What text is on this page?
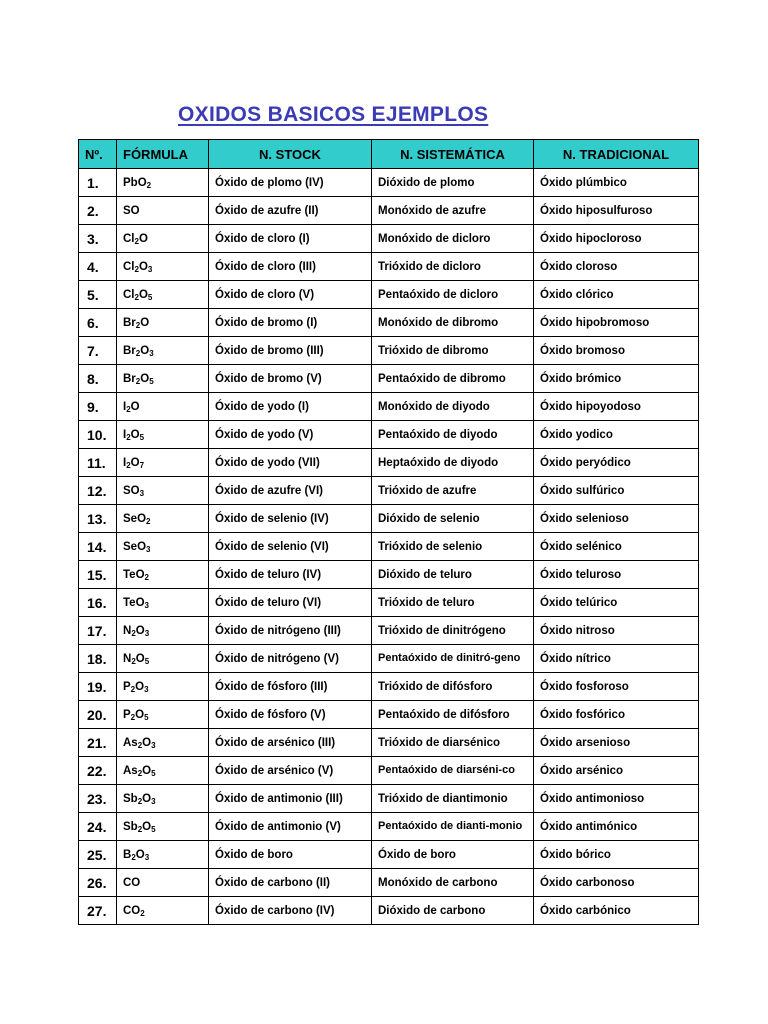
OXIDOS BASICOS EJEMPLOS
Nº.	FÓRMULA	N. STOCK	N. SISTEMÁTICA	N. TRADICIONAL
1.	PbO$_2$	Óxido de plomo (IV)	Dióxido de plomo	Óxido plúmbico
2.	SO	Óxido de azufre (II)	Monóxido de azufre	Óxido hiposulfuroso
3.	$Cl_2O$	Óxido de cloro (I)	Monóxido de dicloro	Óxido hipocloroso
4.	$Cl_2O_3$	Óxido de cloro (III)	Trióxido de dicloro	Óxido cloroso
5.	$Cl_2O_5$	Óxido de cloro (V)	Pentaóxido de dicloro	Óxido clórico
6.	$Br_2O$	Óxido de bromo (I)	Monóxido de dibromo	Óxido hipobromoso
7.	$Br_2O_3$	Óxido de bromo (III)	Trióxido de dibromo	Óxido bromoso
8.	$Br_2O_5$	Óxido de bromo (V)	Pentaóxido de dibromo	Óxido brómico
9.	$I_2O$	Óxido de yodo (I)	Monóxido de diyodo	Óxido hipoyodoso
10.	$I_2O_5$	Óxido de yodo (V)	Pentaóxido de diyodo	Óxido yodico
11.	$I_2O_7$	Óxido de yodo (VII)	Heptaóxido de diyodo	Óxido peryódico
12.	$SO_3$	Óxido de azufre (VI)	Trióxido de azufre	Óxido sulfúrico
13.	SeO$_2$	Óxido de selenio (IV)	Dióxido de selenio	Óxido selenioso
14.	SeO$_3$	Óxido de selenio (VI)	Trióxido de selenio	Óxido selénico
15.	TeO$_2$	Óxido de teluro (IV)	Dióxido de teluro	Óxido teluroso
16.	TeO$_3$	Óxido de teluro (VI)	Trióxido de teluro	Óxido telúrico
17.	$N_2O_3$	Óxido de nitrógeno (III)	Trióxido de dinitrógeno	Óxido nitroso
18.	$N_2O_5$	Óxido de nitrógeno (V)	Pentaóxido de dinitró-geno	Óxido nítrico
19.	$P_2O_3$	Óxido de fósforo (III)	Trióxido de difósforo	Óxido fosforoso
20.	$P_2O_5$	Óxido de fósforo (V)	Pentaóxido de difósforo	Óxido fosfórico
21.	$As_2O_3$	Óxido de arsénico (III)	Trióxido de diarsénico	Óxido arsenioso
22.	$As_2O_5$	Óxido de arsénico (V)	Pentaóxido de diarséni-co	Óxido arsénico
23.	$Sb_2O_3$	Óxido de antimonio (III)	Trióxido de diantimonio	Óxido antimonioso
24.	$Sb_2O_5$	Óxido de antimonio (V)	Pentaóxido de dianti-monio	Óxido antimónico
25.	$B_2O_3$	Óxido de boro	Óxido de boro	Óxido bórico
26.	CO	Óxido de carbono (II)	Monóxido de carbono	Óxido carbonoso
27.	$CO_2$	Óxido de carbono (IV)	Dióxido de carbono	Óxido carbónico
